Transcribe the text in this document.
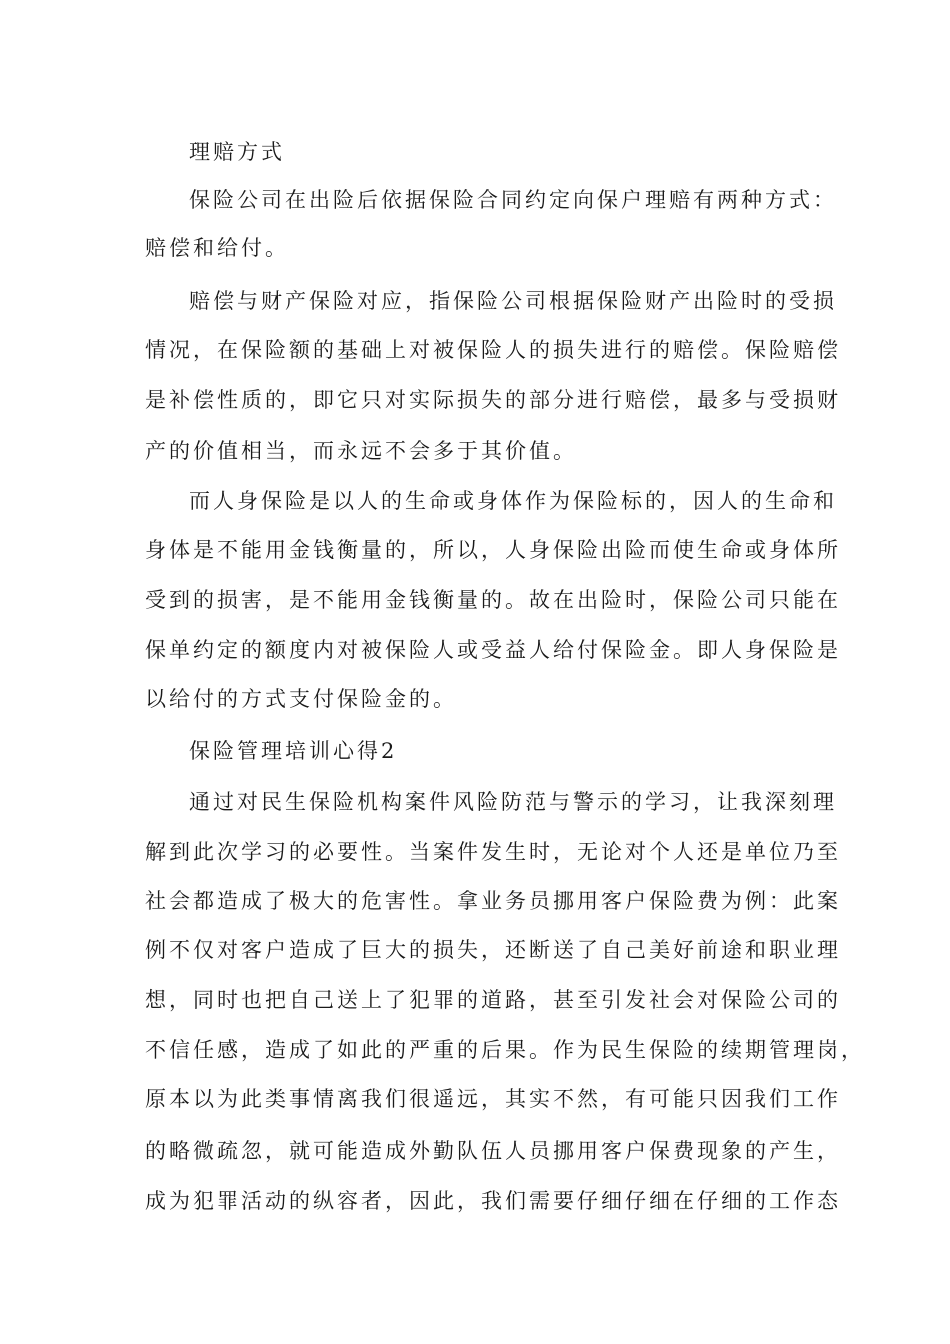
理赔方式
保险公司在出险后依据保险合同约定向保户理赔有两种方式：
赔偿和给付。
赔偿与财产保险对应，指保险公司根据保险财产出险时的受损
情况，在保险额的基础上对被保险人的损失进行的赔偿。保险赔偿
是补偿性质的，即它只对实际损失的部分进行赔偿，最多与受损财
产的价值相当，而永远不会多于其价值。
而人身保险是以人的生命或身体作为保险标的，因人的生命和
身体是不能用金钱衡量的，所以，人身保险出险而使生命或身体所
受到的损害，是不能用金钱衡量的。故在出险时，保险公司只能在
保单约定的额度内对被保险人或受益人给付保险金。即人身保险是
以给付的方式支付保险金的。
保险管理培训心得2
通过对民生保险机构案件风险防范与警示的学习，让我深刻理
解到此次学习的必要性。当案件发生时，无论对个人还是单位乃至
社会都造成了极大的危害性。拿业务员挪用客户保险费为例：此案
例不仅对客户造成了巨大的损失，还断送了自己美好前途和职业理
想，同时也把自己送上了犯罪的道路，甚至引发社会对保险公司的
不信任感，造成了如此的严重的后果。作为民生保险的续期管理岗，
原本以为此类事情离我们很遥远，其实不然，有可能只因我们工作
的略微疏忽，就可能造成外勤队伍人员挪用客户保费现象的产生，
成为犯罪活动的纵容者，因此，我们需要仔细仔细在仔细的工作态
